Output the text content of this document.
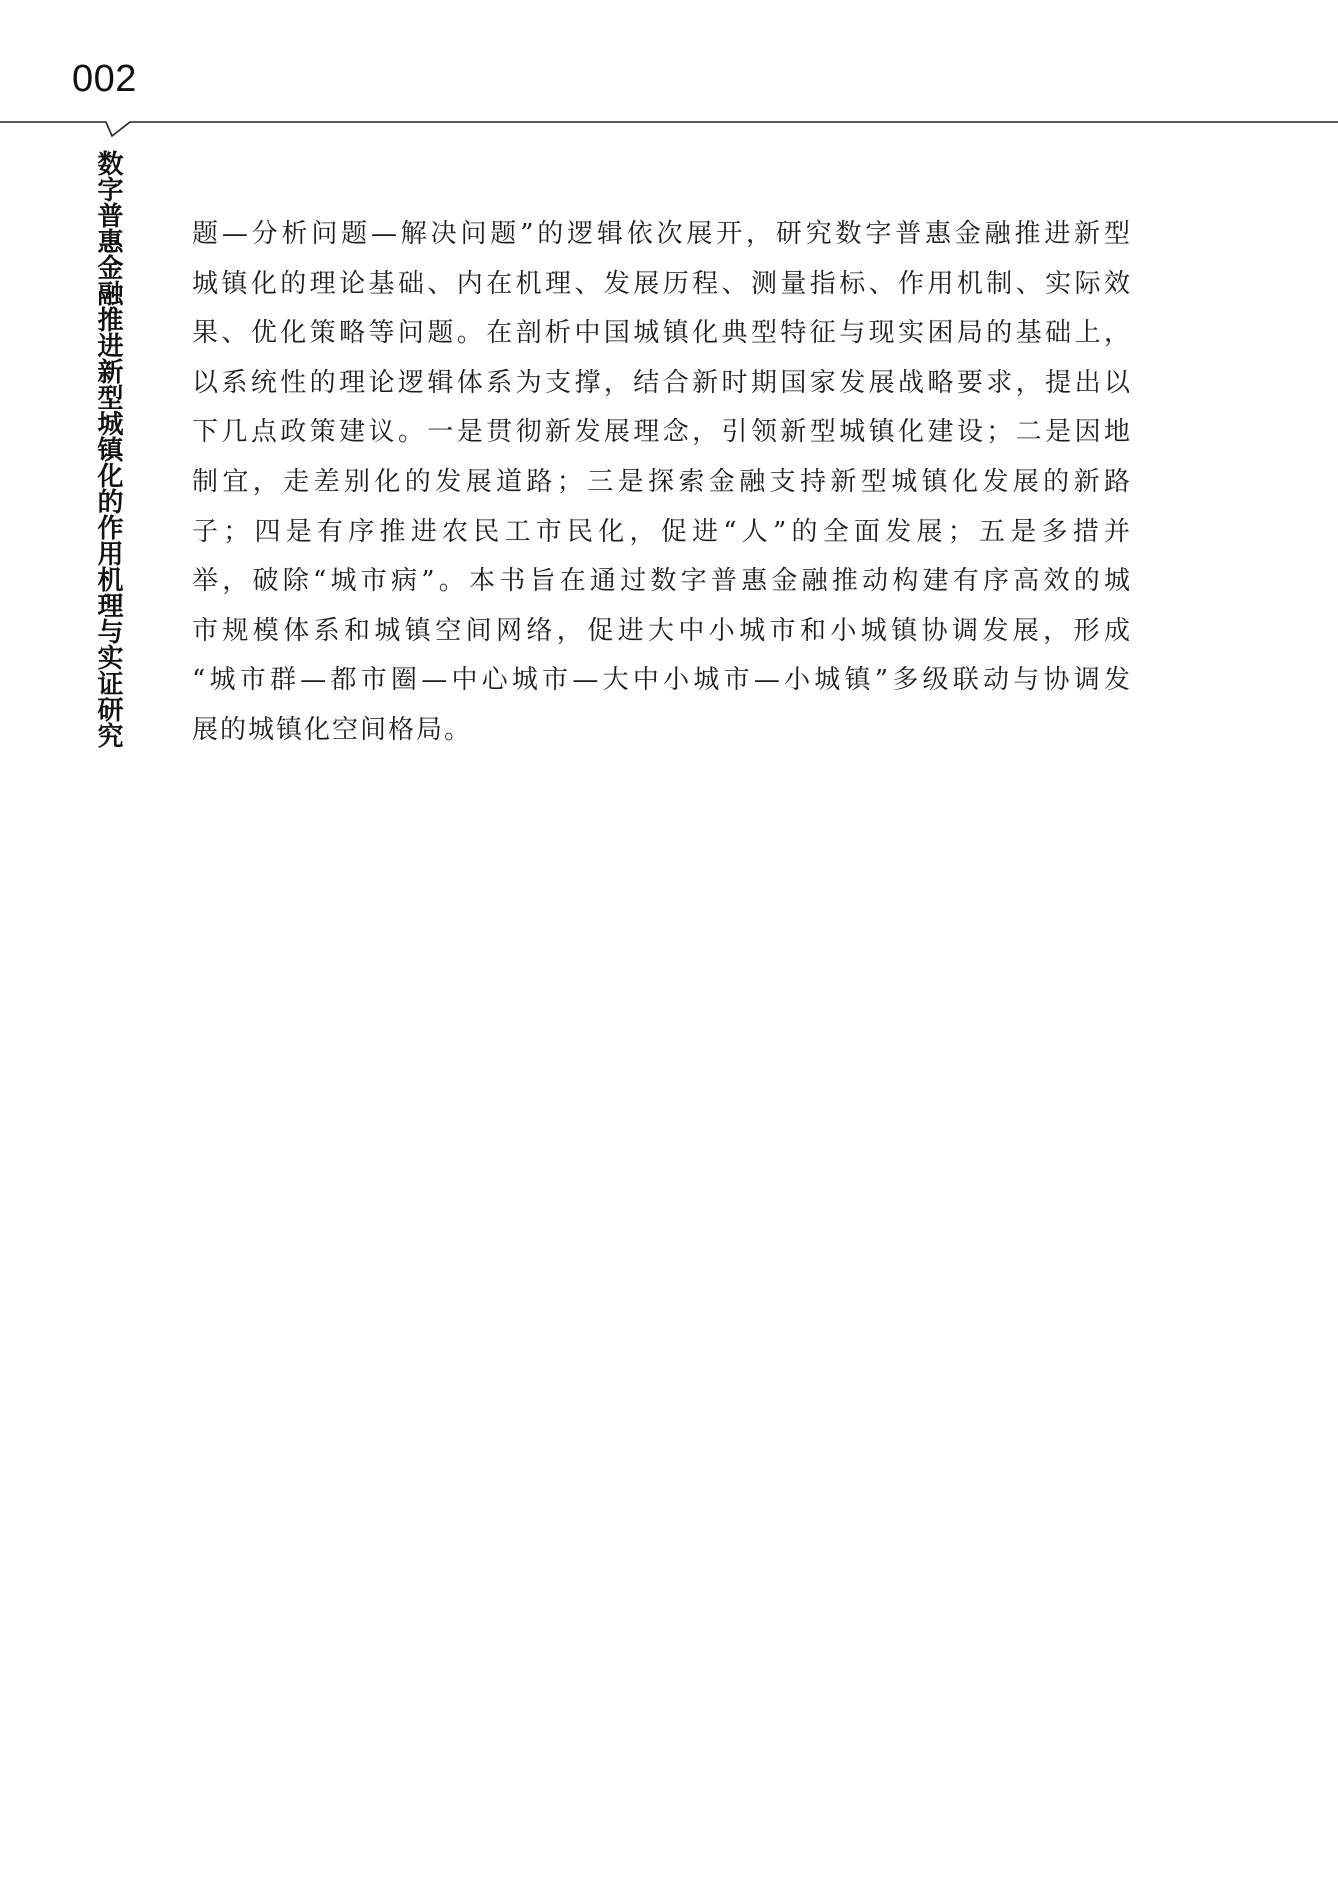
002
数字普惠金融推进新型城镇化的作用机理与实证研究	题—分析问题—解决问题”的逻辑依次展开，研究数字普惠金融推进新型
城镇化的理论基础、内在机理、发展历程、测量指标、作用机制、实际效
果、优化策略等问题。在剖析中国城镇化典型特征与现实困局的基础上，
以系统性的理论逻辑体系为支撑，结合新时期国家发展战略要求，提出以
下几点政策建议。一是贯彻新发展理念，引领新型城镇化建设；二是因地
制宜，走差别化的发展道路；三是探索金融支持新型城镇化发展的新路
子；四是有序推进农民工市民化，促进“人”的全面发展；五是多措并
举，破除“城市病”。本书旨在通过数字普惠金融推动构建有序高效的城
市规模体系和城镇空间网络，促进大中小城市和小城镇协调发展，形成
“城市群—都市圈—中心城市—大中小城市—小城镇”多级联动与协调发
展的城镇化空间格局。
